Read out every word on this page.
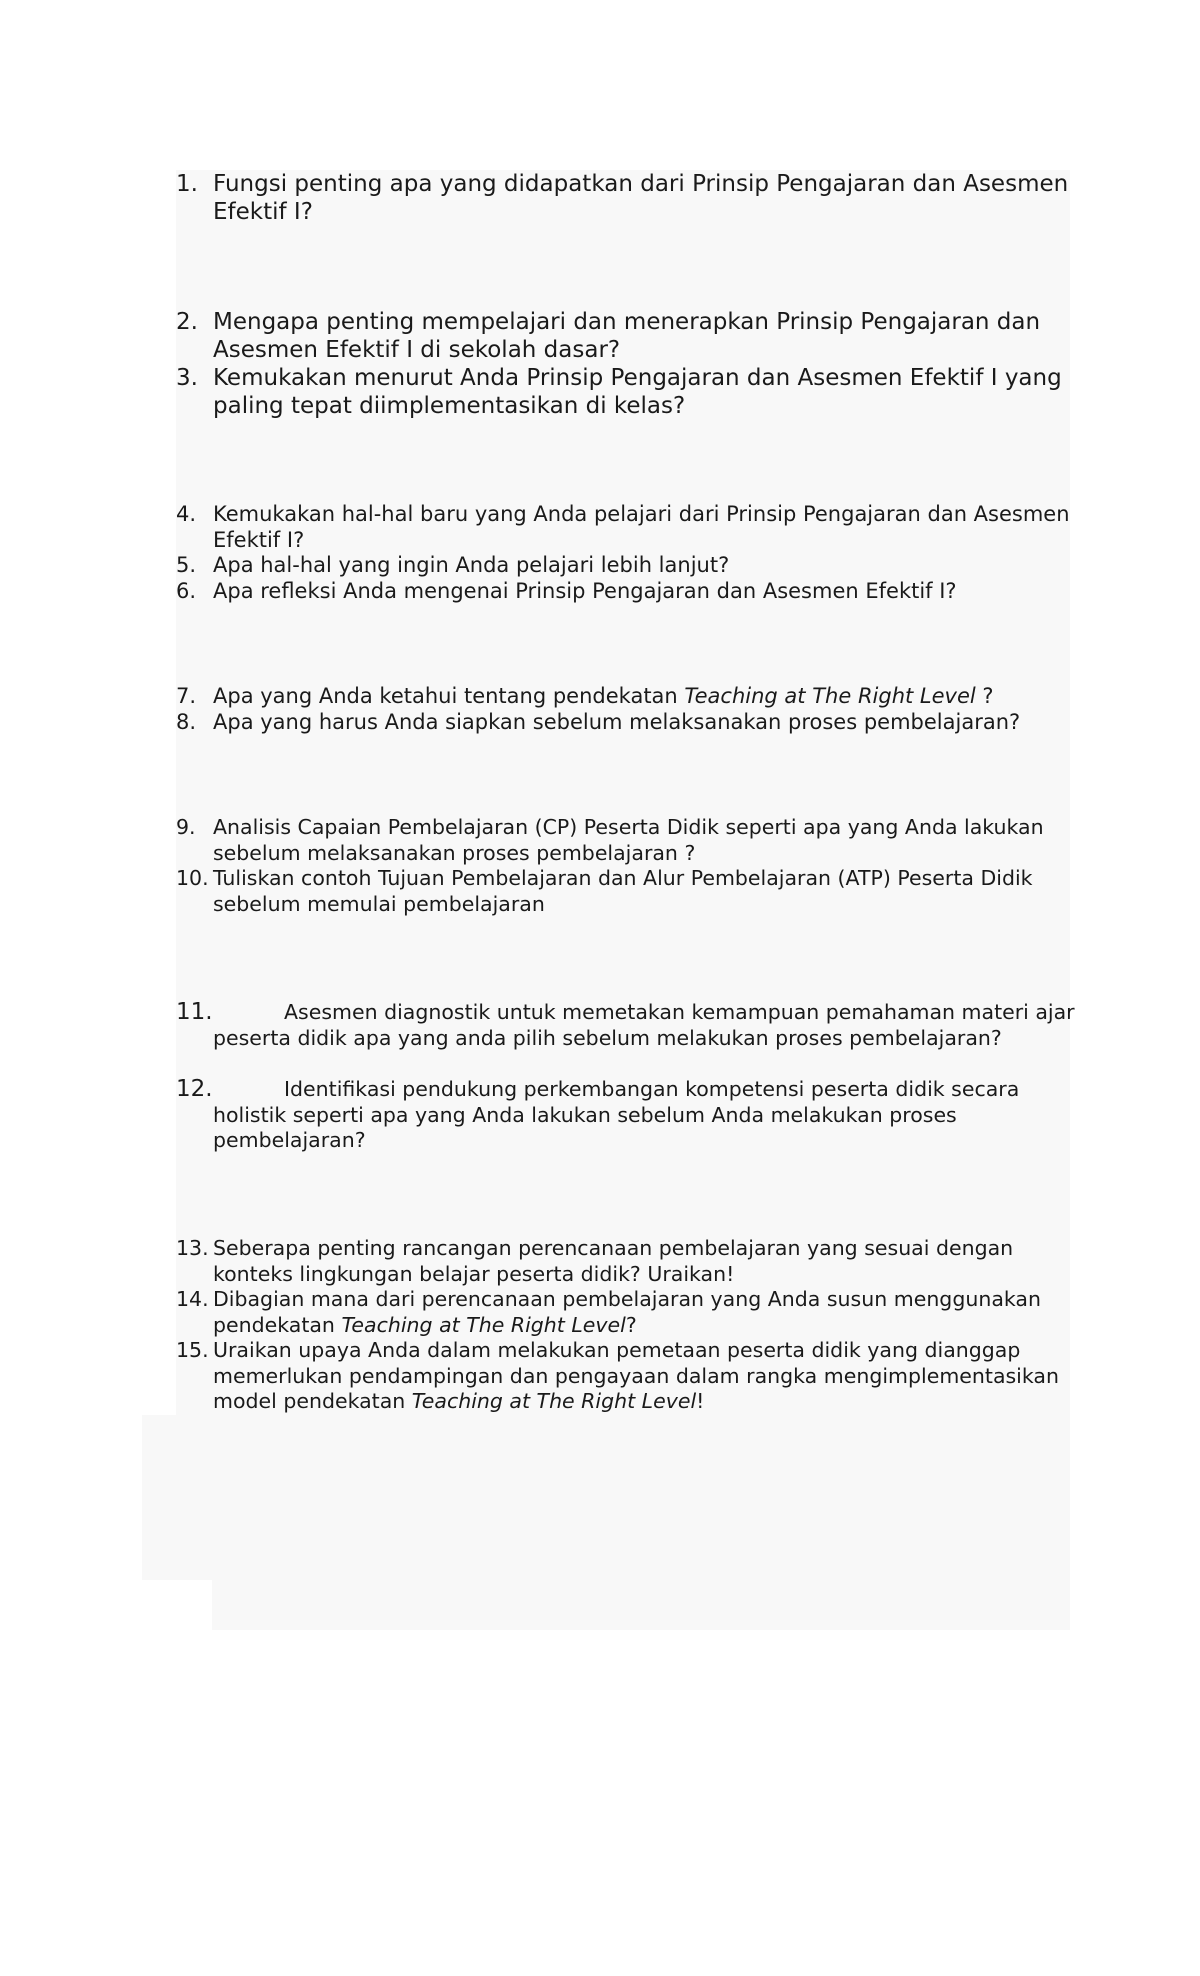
1. Fungsi penting apa yang didapatkan dari Prinsip Pengajaran dan Asesmen Efektif I?

2. Mengapa penting mempelajari dan menerapkan Prinsip Pengajaran dan Asesmen Efektif I di sekolah dasar?

3. Kemukakan menurut Anda Prinsip Pengajaran dan Asesmen Efektif I yang paling tepat diimplementasikan di kelas?

4. Kemukakan hal-hal baru yang Anda pelajari dari Prinsip Pengajaran dan Asesmen Efektif I?

5. Apa hal-hal yang ingin Anda pelajari lebih lanjut?

6. Apa refleksi Anda mengenai Prinsip Pengajaran dan Asesmen Efektif I?

7. Apa yang Anda ketahui tentang pendekatan Teaching at The Right Level ?

8. Apa yang harus Anda siapkan sebelum melaksanakan proses pembelajaran?

9. Analisis Capaian Pembelajaran (CP) Peserta Didik seperti apa yang Anda lakukan sebelum melaksanakan proses pembelajaran ?

10. Tuliskan contoh Tujuan Pembelajaran dan Alur Pembelajaran (ATP) Peserta Didik sebelum memulai pembelajaran

11.	Asesmen diagnostik untuk memetakan kemampuan pemahaman materi ajar peserta didik apa yang anda pilih sebelum melakukan proses pembelajaran?

12.	Identifikasi pendukung perkembangan kompetensi peserta didik secara holistik seperti apa yang Anda lakukan sebelum Anda melakukan proses pembelajaran?

13. Seberapa penting rancangan perencanaan pembelajaran yang sesuai dengan konteks lingkungan belajar peserta didik? Uraikan!

14. Dibagian mana dari perencanaan pembelajaran yang Anda susun menggunakan pendekatan Teaching at The Right Level?

15. Uraikan upaya Anda dalam melakukan pemetaan peserta didik yang dianggap memerlukan pendampingan dan pengayaan dalam rangka mengimplementasikan model pendekatan Teaching at The Right Level!
